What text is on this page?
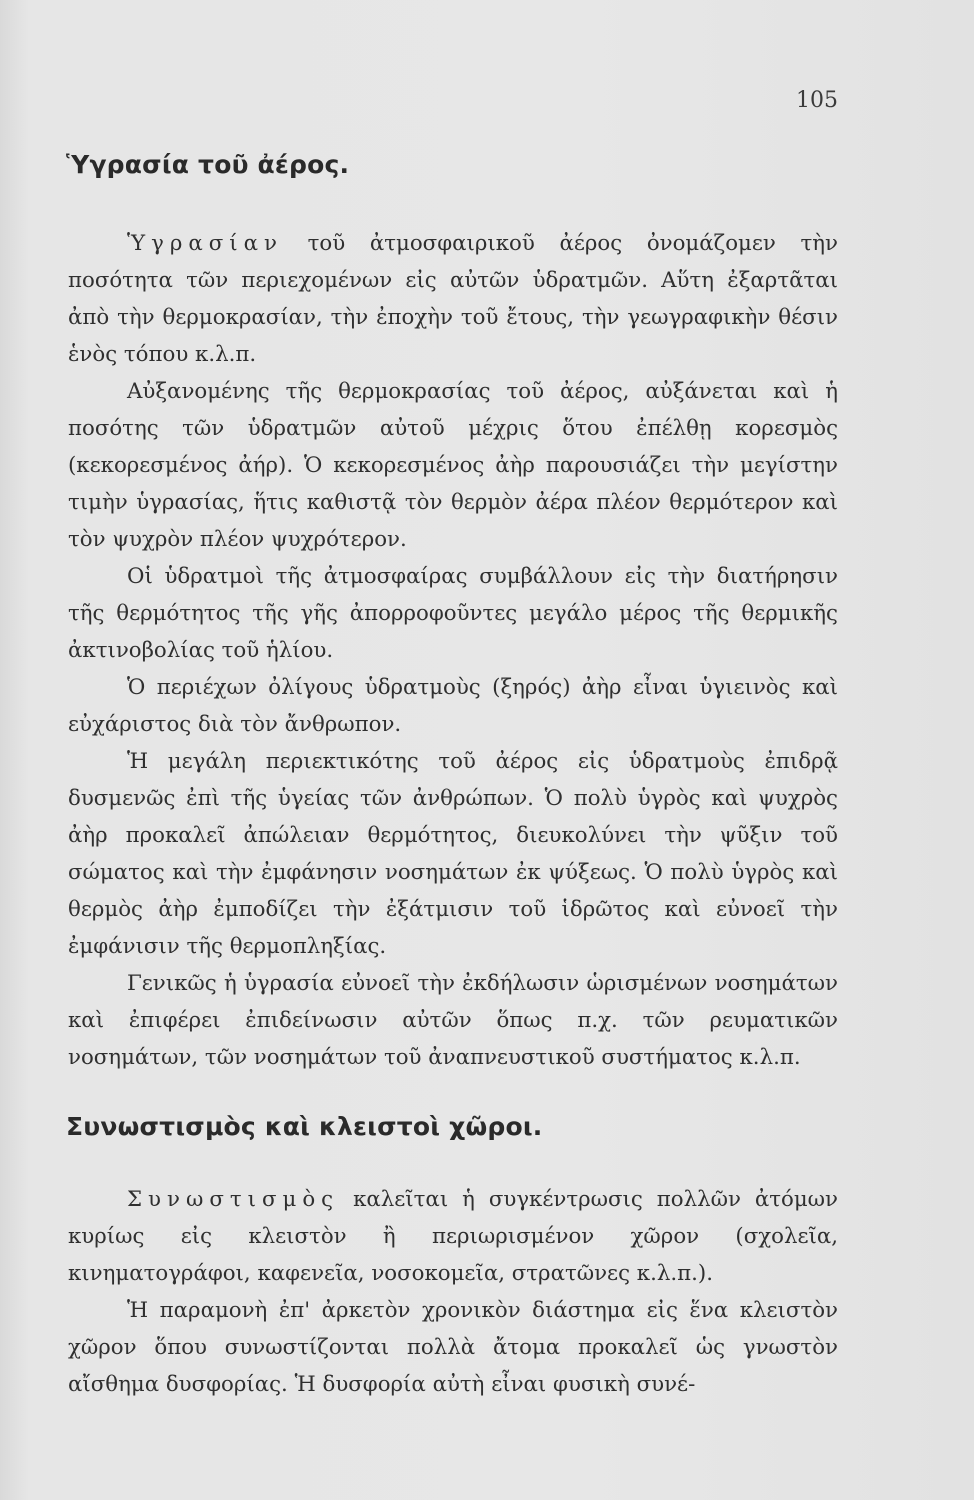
105
Ὑγρασία τοῦ ἀέρος.

Ὑγρασίαν τοῦ ἀτμοσφαιρικοῦ ἀέρος ὀνομάζομεν τὴν ποσότητα τῶν περιεχομένων εἰς αὐτῶν ὑδρατμῶν. Αὕτη ἐξαρτᾶται ἀπὸ τὴν θερμοκρασίαν, τὴν ἐποχὴν τοῦ ἔτους, τὴν γεωγραφικὴν θέσιν ἑνὸς τόπου κ.λ.π.

Αὐξανομένης τῆς θερμοκρασίας τοῦ ἀέρος, αὐξάνεται καὶ ἡ ποσότης τῶν ὑδρατμῶν αὐτοῦ μέχρις ὅτου ἐπέλθῃ κορεσμὸς (κεκορεσμένος ἀήρ). Ὁ κεκορεσμένος ἀὴρ παρουσιάζει τὴν μεγίστην τιμὴν ὑγρασίας, ἥτις καθιστᾷ τὸν θερμὸν ἀέρα πλέον θερμότερον καὶ τὸν ψυχρὸν πλέον ψυχρότερον.

Οἱ ὑδρατμοὶ τῆς ἀτμοσφαίρας συμβάλλουν εἰς τὴν διατήρησιν τῆς θερμότητος τῆς γῆς ἀπορροφοῦντες μεγάλο μέρος τῆς θερμικῆς ἀκτινοβολίας τοῦ ἡλίου.

Ὁ περιέχων ὀλίγους ὑδρατμοὺς (ξηρός) ἀὴρ εἶναι ὑγιεινὸς καὶ εὐχάριστος διὰ τὸν ἄνθρωπον.

Ἡ μεγάλη περιεκτικότης τοῦ ἀέρος εἰς ὑδρατμοὺς ἐπιδρᾷ δυσμενῶς ἐπὶ τῆς ὑγείας τῶν ἀνθρώπων. Ὁ πολὺ ὑγρὸς καὶ ψυχρὸς ἀὴρ προκαλεῖ ἀπώλειαν θερμότητος, διευκολύνει τὴν ψῦξιν τοῦ σώματος καὶ τὴν ἐμφάνησιν νοσημάτων ἐκ ψύξεως. Ὁ πολὺ ὑγρὸς καὶ θερμὸς ἀὴρ ἐμποδίζει τὴν ἐξάτμισιν τοῦ ἱδρῶτος καὶ εὐνοεῖ τὴν ἐμφάνισιν τῆς θερμοπληξίας.

Γενικῶς ἡ ὑγρασία εὐνοεῖ τὴν ἐκδήλωσιν ὡρισμένων νοσημάτων καὶ ἐπιφέρει ἐπιδείνωσιν αὐτῶν ὅπως π.χ. τῶν ρευματικῶν νοσημάτων, τῶν νοσημάτων τοῦ ἀναπνευστικοῦ συστήματος κ.λ.π.

Συνωστισμὸς καὶ κλειστοὶ χῶροι.

Συνωστισμὸς καλεῖται ἡ συγκέντρωσις πολλῶν ἀτόμων κυρίως εἰς κλειστὸν ἢ περιωρισμένον χῶρον (σχολεῖα, κινηματογράφοι, καφενεῖα, νοσοκομεῖα, στρατῶνες κ.λ.π.).

Ἡ παραμονὴ ἐπ' ἀρκετὸν χρονικὸν διάστημα εἰς ἕνα κλειστὸν χῶρον ὅπου συνωστίζονται πολλὰ ἄτομα προκαλεῖ ὡς γνωστὸν αἴσθημα δυσφορίας. Ἡ δυσφορία αὐτὴ εἶναι φυσικὴ συνέ-
